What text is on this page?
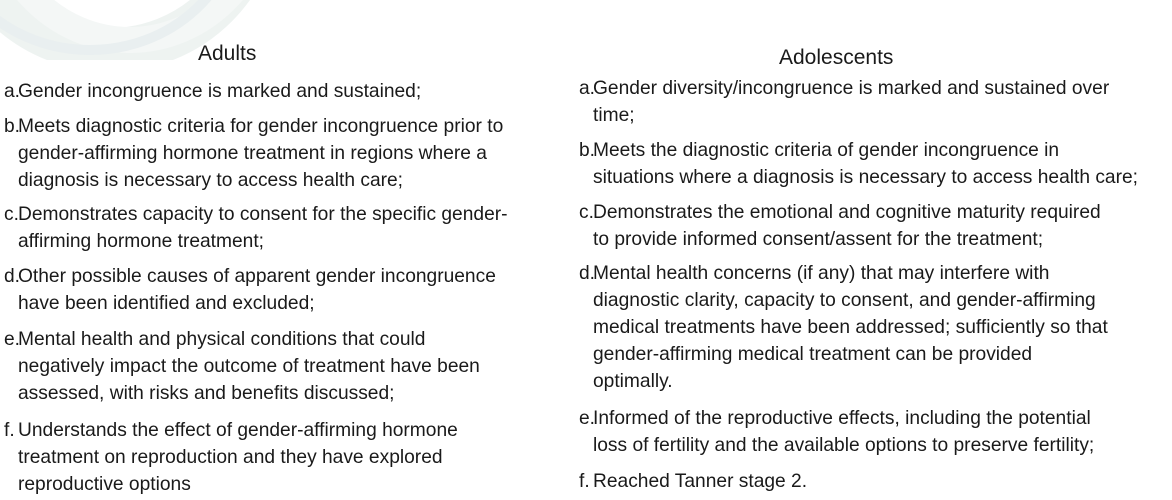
Adults	Adolescents
a.
Gender incongruence is marked and sustained;
b.
Meets diagnostic criteria for gender incongruence prior to
gender-affirming hormone treatment in regions where a
diagnosis is necessary to access health care;
c. Demonstrates capacity to consent for the specific gender-
affirming hormone treatment;
d.
Other possible causes of apparent gender incongruence
have been identified and excluded;
e.
Mental health and physical conditions that could
negatively impact the outcome of treatment have been
assessed, with risks and benefits discussed;
f. Understands the effect of gender-affirming hormone
treatment on reproduction and they have explored
reproductive options
a.
Gender diversity/incongruence is marked and sustained over
time;
b.
Meets the diagnostic criteria of gender incongruence in
situations where a diagnosis is necessary to access health care;
c. Demonstrates the emotional and cognitive maturity required
to provide informed consent/assent for the treatment;
d.
Mental health concerns (if any) that may interfere with
diagnostic clarity, capacity to consent, and gender-affirming
medical treatments have been addressed; sufficiently so that
gender-affirming medical treatment can be provided
optimally.
e.
Informed of the reproductive effects, including the potential
loss of fertility and the available options to preserve fertility;
f. Reached Tanner stage 2.
